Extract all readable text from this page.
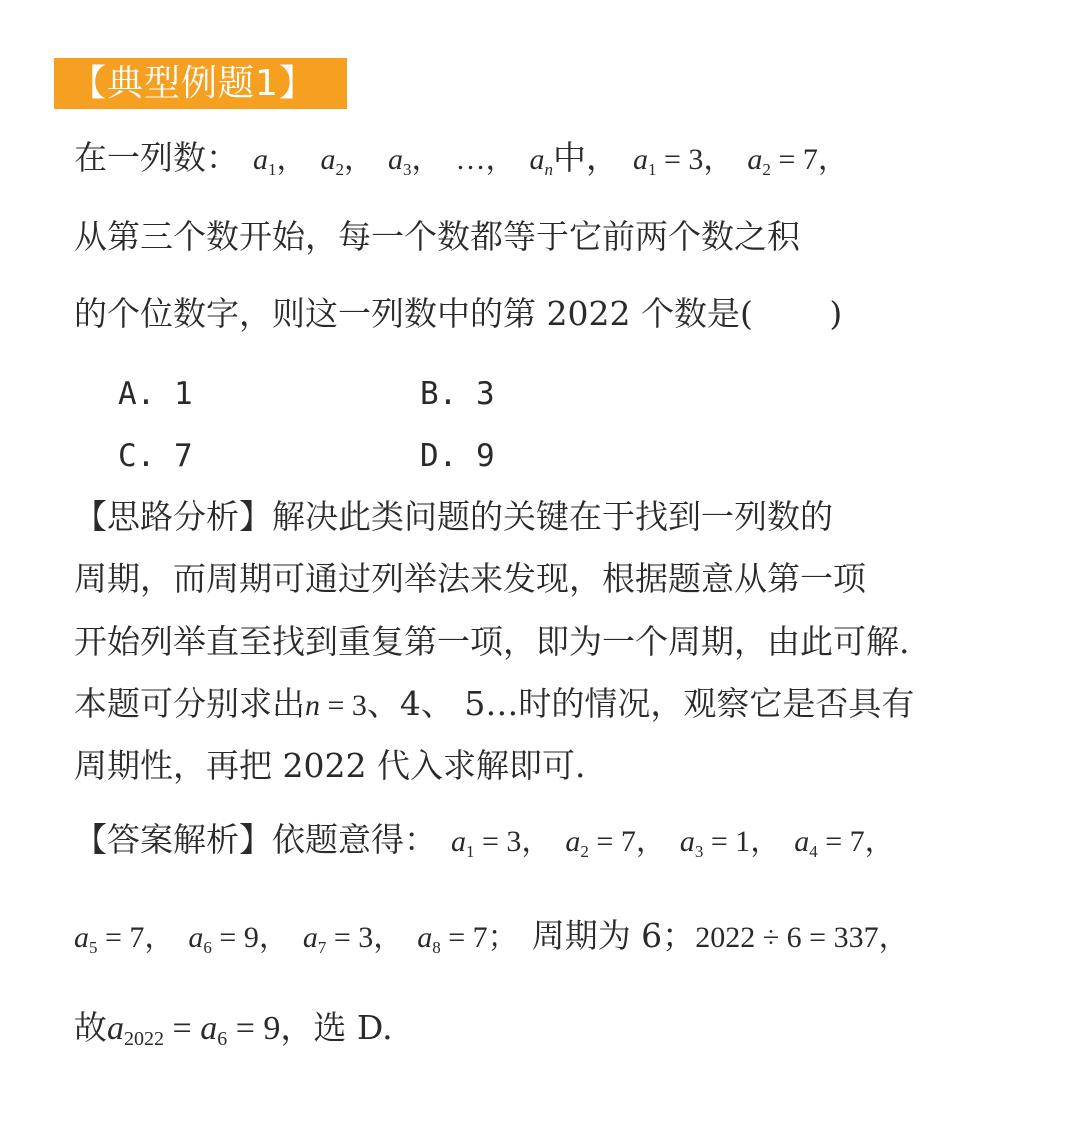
【典型例题1】
在一列数： $a_1$， $a_2$， $a_3$， …， $a_n$中， $a_1 = 3$， $a_2 = 7$，
从第三个数开始，每一个数都等于它前两个数之积
的个位数字，则这一列数中的第 2022 个数是(　　 )
A. 1	B. 3
C. 7	D. 9
【思路分析】解决此类问题的关键在于找到一列数的
周期，而周期可通过列举法来发现，根据题意从第一项
开始列举直至找到重复第一项，即为一个周期，由此可解.
本题可分别求出n = 3、4、 5…时的情况，观察它是否具有
周期性，再把 2022 代入求解即可.
【答案解析】依题意得： $a_1 = 3$， $a_2 = 7$， $a_3 = 1$， $a_4 = 7$，
$a_5 = 7$， $a_6 = 9$， $a_7 = 3$， $a_8 = 7$； 周期为 6；2022 ÷ 6 = 337，
故$a_{2022} = a_6 = 9$，选 D.
